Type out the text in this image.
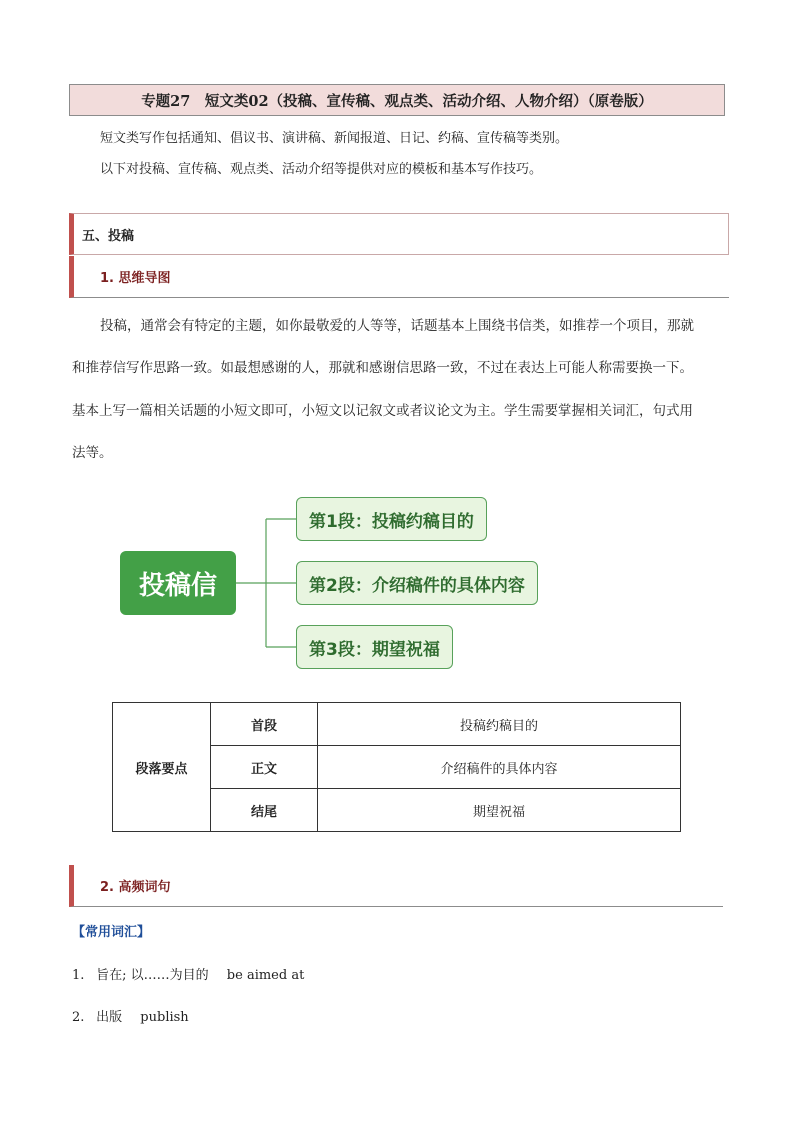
专题27　短文类02（投稿、宣传稿、观点类、活动介绍、人物介绍）（原卷版）
短文类写作包括通知、倡议书、演讲稿、新闻报道、日记、约稿、宣传稿等类别。
以下对投稿、宣传稿、观点类、活动介绍等提供对应的模板和基本写作技巧。
五、投稿
1. 思维导图
投稿，通常会有特定的主题，如你最敬爱的人等等，话题基本上围绕书信类，如推荐一个项目，那就
和推荐信写作思路一致。如最想感谢的人，那就和感谢信思路一致，不过在表达上可能人称需要换一下。
基本上写一篇相关话题的小短文即可，小短文以记叙文或者议论文为主。学生需要掌握相关词汇，句式用
法等。
投稿信
第1段：投稿约稿目的
第2段：介绍稿件的具体内容
第3段：期望祝福
段落要点	首段	投稿约稿目的
	正文	介绍稿件的具体内容
	结尾	期望祝福
2. 高频词句
【常用词汇】
1. 旨在; 以……为目的 be aimed at
2. 出版 publish
